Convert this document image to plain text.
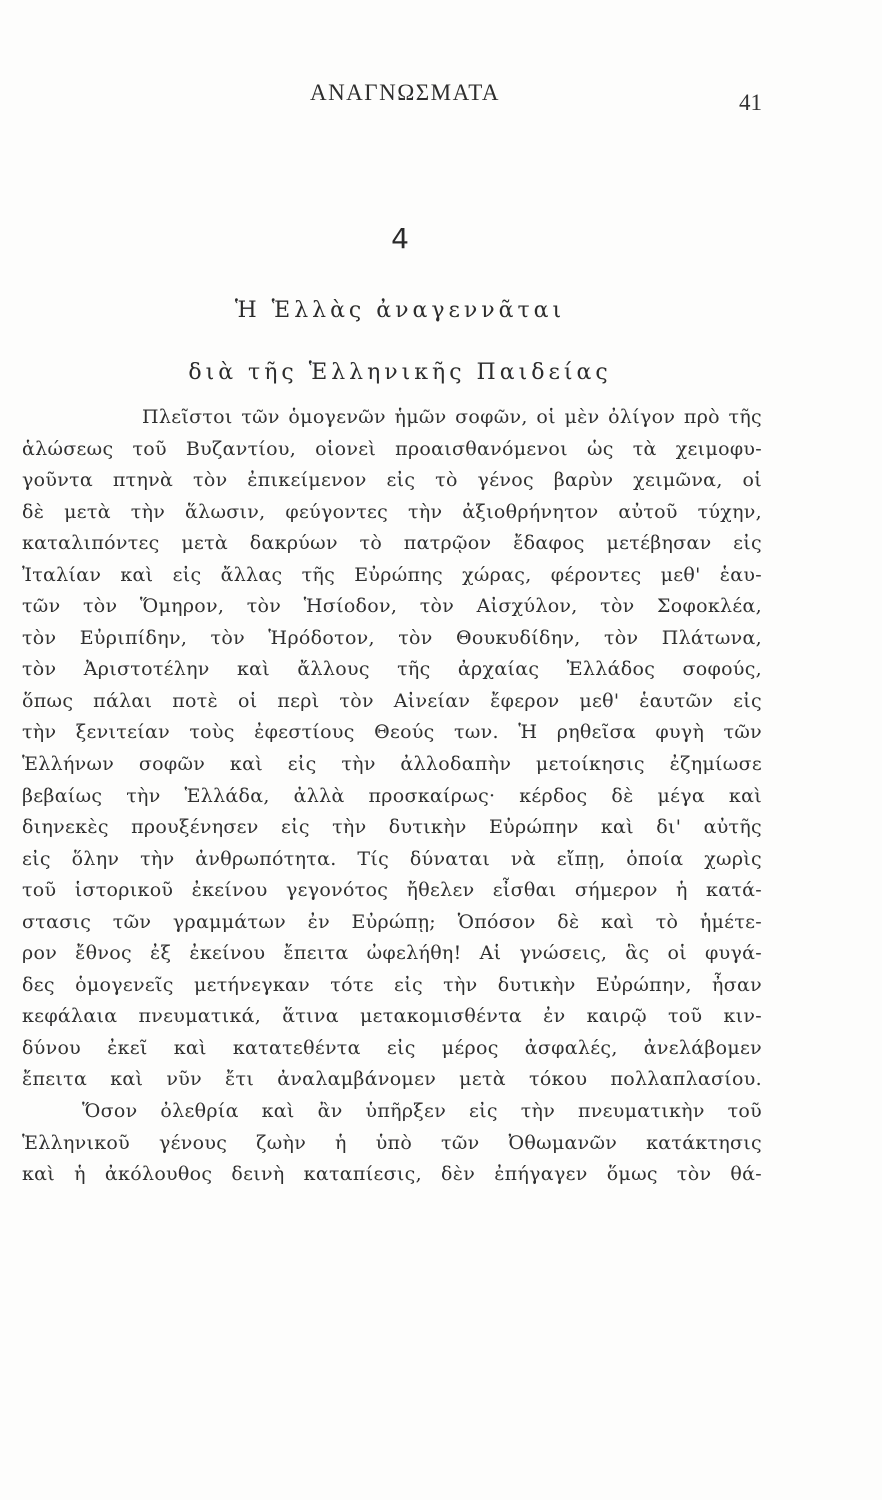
ΑΝΑΓΝΩΣΜΑΤΑ	41
4
Ἡ Ἑλλὰς ἀναγεννᾶται
διὰ τῆς Ἑλληνικῆς Παιδείας
Πλεῖστοι τῶν ὁμογενῶν ἡμῶν σοφῶν, οἱ μὲν ὀλίγον πρὸ τῆς
ἁλώσεως τοῦ Βυζαντίου, οἱονεὶ προαισθανόμενοι ὡς τὰ χειμοφυ-
γοῦντα πτηνὰ τὸν ἐπικείμενον εἰς τὸ γένος βαρὺν χειμῶνα, οἱ
δὲ μετὰ τὴν ἅλωσιν, φεύγοντες τὴν ἀξιοθρήνητον αὐτοῦ τύχην,
καταλιπόντες μετὰ δακρύων τὸ πατρῷον ἔδαφος μετέβησαν εἰς
Ἰταλίαν καὶ εἰς ἄλλας τῆς Εὐρώπης χώρας, φέροντες μεθ' ἑαυ-
τῶν τὸν Ὅμηρον, τὸν Ἡσίοδον, τὸν Αἰσχύλον, τὸν Σοφοκλέα,
τὸν Εὐριπίδην, τὸν Ἡρόδοτον, τὸν Θουκυδίδην, τὸν Πλάτωνα,
τὸν Ἀριστοτέλην καὶ ἄλλους τῆς ἀρχαίας Ἑλλάδος σοφούς,
ὅπως πάλαι ποτὲ οἱ περὶ τὸν Αἰνείαν ἔφερον μεθ' ἑαυτῶν εἰς
τὴν ξενιτείαν τοὺς ἐφεστίους Θεούς των. Ἡ ρηθεῖσα φυγὴ τῶν
Ἑλλήνων σοφῶν καὶ εἰς τὴν ἀλλοδαπὴν μετοίκησις ἐζημίωσε
βεβαίως τὴν Ἑλλάδα, ἀλλὰ προσκαίρως· κέρδος δὲ μέγα καὶ
διηνεκὲς προυξένησεν εἰς τὴν δυτικὴν Εὐρώπην καὶ δι' αὐτῆς
εἰς ὅλην τὴν ἀνθρωπότητα. Τίς δύναται νὰ εἴπῃ, ὁποία χωρὶς
τοῦ ἱστορικοῦ ἐκείνου γεγονότος ἤθελεν εἶσθαι σήμερον ἡ κατά-
στασις τῶν γραμμάτων ἐν Εὐρώπῃ; Ὁπόσον δὲ καὶ τὸ ἡμέτε-
ρον ἔθνος ἐξ ἐκείνου ἔπειτα ὠφελήθη! Αἱ γνώσεις, ἃς οἱ φυγά-
δες ὁμογενεῖς μετήνεγκαν τότε εἰς τὴν δυτικὴν Εὐρώπην, ἦσαν
κεφάλαια πνευματικά, ἅτινα μετακομισθέντα ἐν καιρῷ τοῦ κιν-
δύνου ἐκεῖ καὶ κατατεθέντα εἰς μέρος ἀσφαλές, ἀνελάβομεν
ἔπειτα καὶ νῦν ἔτι ἀναλαμβάνομεν μετὰ τόκου πολλαπλασίου.
Ὅσον ὀλεθρία καὶ ἂν ὑπῆρξεν εἰς τὴν πνευματικὴν τοῦ
Ἑλληνικοῦ γένους ζωὴν ἡ ὑπὸ τῶν Ὀθωμανῶν κατάκτησις
καὶ ἡ ἀκόλουθος δεινὴ καταπίεσις, δὲν ἐπήγαγεν ὅμως τὸν θά-
